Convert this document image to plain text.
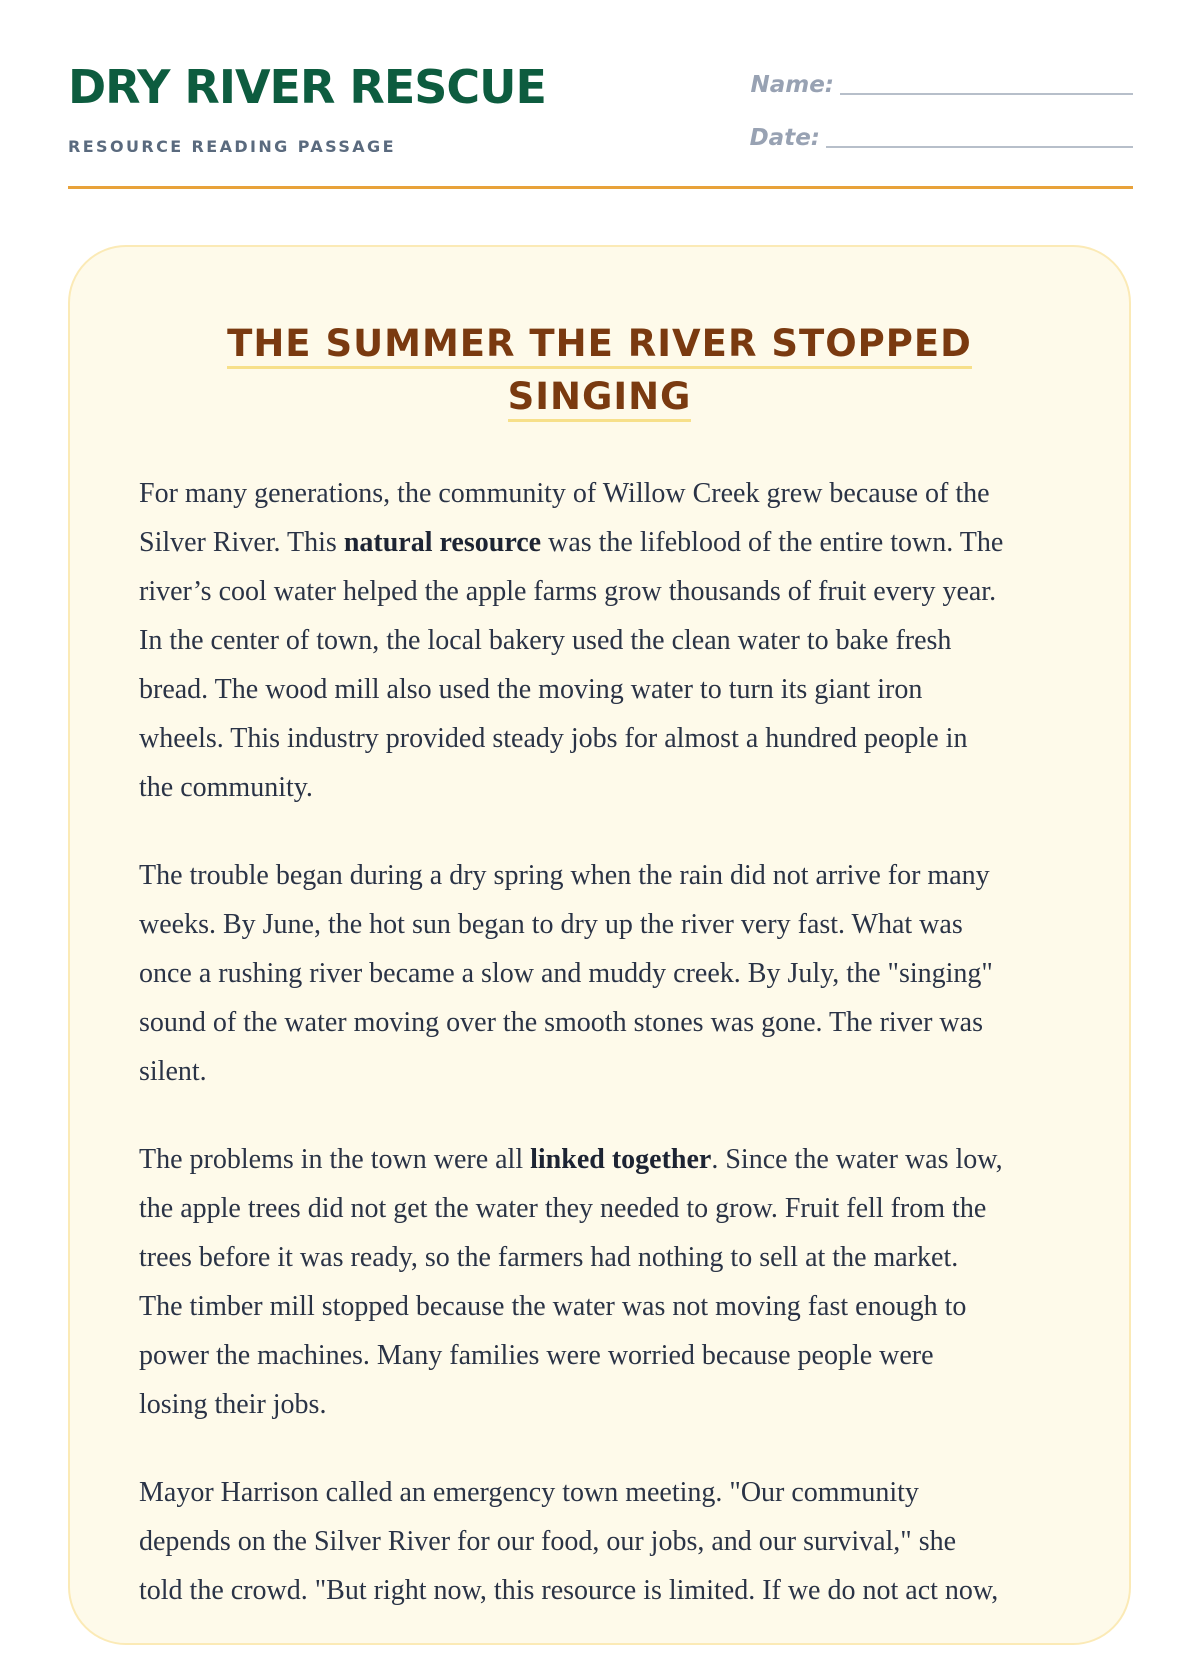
DRY RIVER RESCUE
RESOURCE READING PASSAGE
Name:
Date:
THE SUMMER THE RIVER STOPPED
SINGING

For many generations, the community of Willow Creek grew because of the
Silver River. This natural resource was the lifeblood of the entire town. The
river’s cool water helped the apple farms grow thousands of fruit every year.
In the center of town, the local bakery used the clean water to bake fresh
bread. The wood mill also used the moving water to turn its giant iron
wheels. This industry provided steady jobs for almost a hundred people in
the community.

The trouble began during a dry spring when the rain did not arrive for many
weeks. By June, the hot sun began to dry up the river very fast. What was
once a rushing river became a slow and muddy creek. By July, the "singing"
sound of the water moving over the smooth stones was gone. The river was
silent.

The problems in the town were all linked together. Since the water was low,
the apple trees did not get the water they needed to grow. Fruit fell from the
trees before it was ready, so the farmers had nothing to sell at the market.
The timber mill stopped because the water was not moving fast enough to
power the machines. Many families were worried because people were
losing their jobs.

Mayor Harrison called an emergency town meeting. "Our community
depends on the Silver River for our food, our jobs, and our survival," she
told the crowd. "But right now, this resource is limited. If we do not act now,
